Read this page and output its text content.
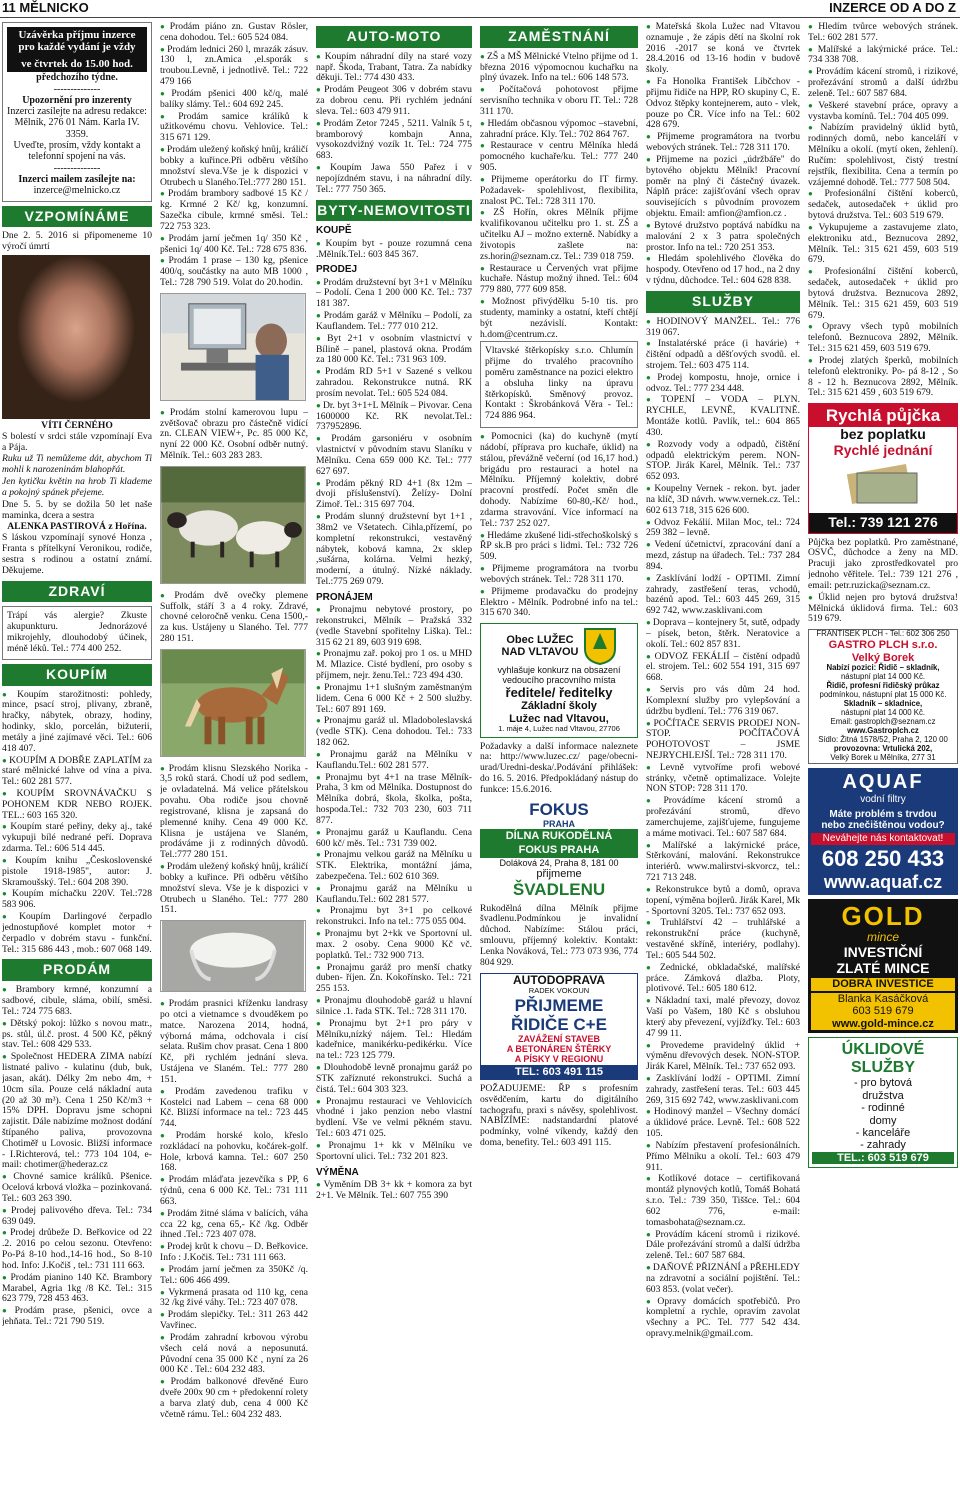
11 MĚLNICKO	INZERCE OD A DO Z
Uzávěrka příjmu inzerce pro každé vydání je vždy
ve čtvrtek do 15.00 hod.
předchozího týdne.
--------------
Upozornění pro inzerenty
Inzerci zasílejte na adresu redakce: Mělník, 276 01 Nám. Karla IV. 3359.
Uveďte, prosím, vždy kontakt a telefonní spojení na vás.
--------------
Inzerci mailem zasílejte na:
inzerce@melnicko.cz
VZPOMÍNÁME
Dne 2. 5. 2016 si připomeneme 10 výročí úmrtí
VÍTI ČERNÉHO
S bolestí v srdci stále vzpomínají Eva a Pája.
Ruku už Ti nemůžeme dát, abychom Ti mohli k narozeninám blahopřát.
Jen kytičku květin na hrob Ti klademe a pokojný spánek přejeme.
Dne 5. 5. by se dožila 50 let naše maminka, dcera a sestra
ALENKA PASTIROVÁ z Hořína.
S láskou vzpomínají synové Honza , Franta s přítelkyní Veronikou, rodiče, sestra s rodinou a ostatní známí. Děkujeme.
ZDRAVÍ
Trápí vás alergie? Zkuste akupunkturu. Jednorázové mikrojehly, dlouhodobý účinek, méně léků. Tel.: 774 400 252.
KOUPÍM
● Koupím starožitnosti: pohledy, mince, psací stroj, plivany, zbraně, hračky, nábytek, obrazy, hodiny, hodinky, sklo, porcelán, bižuterii, metály a jiné zajímavé věci. Tel.: 606 418 407.
● KOUPÍM A DOBŘE ZAPLATÍM za staré mělnické lahve od vína a piva. Tel.: 602 281 577.
● KOUPÍM SROVNÁVAČKU S POHONEM KDR NEBO ROJEK. TEL.: 603 165 320.
● Koupím staré peřiny, deky aj., také vykupuji bílé nedrané peří. Doprava zdarma. Tel.: 606 514 445.
● Koupím knihu „Československé pistole 1918-1985", autor: J. Skramoušský. Tel.: 604 208 390.
● Koupím míchačku 220V. Tel.:728 583 906.
● Koupím Darlingové čerpadlo jednostupňové komplet motor + čerpadlo v dobrém stavu - funkční. Tel.: 315 686 443 , mob.: 607 068 149.
PRODÁM
● Brambory krmné, konzumní a sadbové, cibule, sláma, obilí, směsi. Tel.: 724 775 683.
● Dětský pokoj: lůžko s novou matr., ps. stůl, úl.č. prost. 4 500 Kč, pěkný stav. Tel.: 608 429 533.
● Společnost HEDERA ZIMA nabízí listnaté palivo - kulatinu (dub, buk, jasan, akát). Délky 2m nebo 4m, + 10cm síla. Pouze celá nákladní auta (20 až 30 m³). Cena 1 250 Kč/m3 + 15% DPH. Dopravu jsme schopni zajistit. Dále nabízíme možnost dodání štípaného paliva, provozovna Chotiměř u Lovosic. Bližší informace - I.Richterová, tel.: 773 104 104, e-mail: chotimer@hederaz.cz
● Chovné samice králíků. Pšenice. Ocelová krbová vložka – pozinkovaná. Tel.: 603 263 390.
● Prodej palivového dřeva. Tel.: 734 639 049.
● Prodej drůbeže D. Beřkovice od 22 .2. 2016 po celou sezonu. Otevřeno: Po-Pá 8-10 hod.,14-16 hod., So 8-10 hod. Info: J.Kočiš , tel.: 731 111 663.
● Prodám pianino 140 Kč. Brambory Marabel, Agria 1kg /8 Kč. Tel.: 315 623 779, 728 453 463.
● Prodám prase, pšenici, ovce a jehňata. Tel.: 721 790 519.
● Prodám piáno zn. Gustav Rösler, cena dohodou. Tel.: 605 524 084.
● Prodám lednici 260 l, mrazák zásuv. 130 l, zn.Amica ,el.sporák s troubou.Levně, i jednotlivě. Tel.: 722 479 166
● Prodám pšenici 400 kč/q, malé balíky slámy. Tel.: 604 692 245.
● Prodám samice králíků k užitkovému chovu. Vehlovice. Tel.: 315 671 129.
● Prodám uležený koňský hnůj, králičí bobky a kuřince.Při odběru většího množství sleva.Vše je k dispozici v Otrubech u Slaného.Tel.:777 280 151.
● Prodám brambory sadbové 15 Kč / kg. Krmné 2 Kč/ kg, konzumní. Sazečka cibule, krmné směsi. Tel.: 722 753 323.
● Prodám jarní ječmen 1q/ 350 Kč , pšenici 1q/ 400 Kč. Tel.: 728 675 836.
● Prodám 1 prase – 130 kg, pšenice 400/q, součástky na auto MB 1000 , Tel.: 728 790 519. Volat do 20.hodin.
● Prodám stolní kamerovou lupu – zvětšovač obrazu pro částečně vidící zn. CLEAN VIEW+, Pc. 85 000 Kč, nyní 22 000 Kč. Osobní odběr nutný. Mělník. Tel.: 603 283 283.
● Prodám dvě ovečky plemene Suffolk, stáří 3 a 4 roky. Zdravé, chovné celoročně venku. Cena 1500,- za kus. Ustájeny u Slaného. Tel. 777 280 151.
● Prodám klisnu Slezského Norika - 3,5 roků stará. Chodí už pod sedlem, je ovladatelná. Má velice přátelskou povahu. Oba rodiče jsou chovně registrované, klisna je zapsaná do plemenné knihy. Cena 49 000 Kč. Klisna je ustájena ve Slaném, prodáváme ji z rodinných důvodů. Tel.:777 280 151.
● Prodám uležený koňský hnůj, králičí bobky a kuřince. Při odběru většího množství sleva. Vše je k dispozici v Otrubech u Slaného. Tel.: 777 280 151.
● Prodám prasnici kříženku landrasy po otci a vietnamce s dvouděkem po matce. Narozena 2014, hodná, výborná máma, odchovala i císí selata. Rušim chov prasat. Cena 1 800 Kč, při rychlém jednání sleva. Ustájena ve Slaném. Tel.: 777 280 151.
● Prodám zavedenou trafiku v Kostelci nad Labem – cena 68 000 Kč. Bližší informace na tel.: 723 445 744.
● Prodám horské kolo, křeslo rozkládací na pohovku, kočárek-golf. Hole, krbová kamna. Tel.: 607 250 168.
● Prodám mláďata jezevčíka s PP, 6 týdnů, cena 6 000 Kč. Tel.: 731 111 663.
● Prodám žitné sláma v balících, váha cca 22 kg, cena 65,- Kč /kg. Odběr ihned .Tel.: 723 407 078.
● Prodej krůt k chovu – D. Beřkovice. Info : J.Kočiš. Tel.: 731 111 663.
● Prodám jarní ječmen za 350Kč /q. Tel.: 606 466 499.
● Vykrmená prasata od 110 kg, cena 32 /kg živé váhy. Tel.: 723 407 078.
● Prodám slepičky. Tel.: 311 263 442 Vavřinec.
● Prodám zahradní krbovou výrobu všech celá nová a neposunutá. Původní cena 35 000 Kč , nyní za 26 000 Kč . Tel.: 604 232 483.
● Prodám balkonové dřevěné Euro dveře 200x 90 cm + předokenní rolety a barva zlatý dub, cena 4 000 Kč včetně rámu. Tel.: 604 232 483.
AUTO-MOTO
● Koupím náhradní díly na staré vozy např. Škoda, Trabant, Tatra. Za nabídky děkuji. Tel.: 774 430 433.
● Prodám Peugeot 306 v dobrém stavu za dobrou cenu. Při rychlém jednání sleva. Tel.: 603 479 911.
● Prodám Zetor 7245 , 5211. Valník 5 t, bramborový kombajn Anna, vysokozdvižný vozík 1t. Tel.: 724 775 683.
● Koupím Jawa 550 Pařez i v nepojízdném stavu, i na náhradní díly. Tel.: 777 750 365.
BYTY-NEMOVITOSTI
KOUPĚ
● Koupím byt - pouze rozumná cena .Mělník.Tel.: 603 845 367.
PRODEJ
● Prodám družstevní byt 3+1 v Mělníku – Podolí. Cena 1 200 000 Kč. Tel.: 737 181 387.
● Prodám garáž v Mělníku – Podolí, za Kauflandem. Tel.: 777 010 212.
● Byt 2+1 v osobním vlastnictví v Bílině – panel, plastová okna. Prodám za 180 000 Kč. Tel.: 731 963 109.
● Prodám RD 5+1 v Sazené s velkou zahradou. Rekonstrukce nutná. RK prosím nevolat. Tel.: 605 524 084.
● Dr. byt 3+1+L Mělník – Pivovar. Cena 1600000 Kč. RK nevolat.Tel.: 737952896.
● Prodám garsoniéru v osobním vlastnictví v původním stavu Slaníku v Mělníku. Cena 659 000 Kč. Tel.: 777 627 697.
● Prodám pěkný RD 4+1 (8x 12m –dvoji příslušenství). Želízy- Dolní Zimoř. Tel.: 315 697 704.
● Prodám slunný družstevní byt 1+1 , 38m2 ve Všetatech. Cihla,přízemí, po kompletní rekonstrukci, vestavěný nábytek, kobová kamna, 2x sklep ,sušárna, kolárna. Velmi hezký, moderní, a útulný. Nízké náklady. Tel.:775 269 079.
PRONÁJEM
● Pronajmu nebytové prostory, po rekonstrukci, Mělník – Pražská 332 (vedle Stavební spořitelny Liška). Tel.: 315 62 21 89, 603 919 698.
● Pronajmu zař. pokoj pro 1 os. u MHD M. Mlazice. Cisté bydlení, pro osoby s příjmem, nejr. ženu.Tel.: 723 494 430.
● Pronajmu 1+1 slušným zaměstnaným lidem. Cena 6 000 Kč + 2 500 služby. Tel.: 607 891 169.
● Pronajmu garáž ul. Mladoboleslavská (vedle STK). Cena dohodou. Tel.: 733 182 062.
● Pronajmu garáž na Mělníku v Kauflandu.Tel.: 602 281 577.
● Pronajmu byt 4+1 na trase Mělník-Praha, 3 km od Mělníka. Dostupnost do Mělníka dobrá, škola, školka, pošta, hospoda.Tel.: 732 703 230, 603 711 877.
● Pronajmu garáž u Kauflandu. Cena 600 kč/ měs. Tel.: 731 739 002.
● Pronajmu velkou garáž na Mělníku u STK. Elektrika, montážní jáma, zabezpečena. Tel.: 602 610 369.
● Pronajmu garáž na Mělníku u Kauflandu.Tel.: 602 281 577.
● Pronajmu byt 3+1 po celkové rekonstrukci. Info na tel.: 775 055 004.
● Pronajmu byt 2+kk ve Sportovní ul. max. 2 osoby. Cena 9000 Kč vč. poplatků. Tel.: 732 900 713.
● Pronajmu garáž pro menší chatky duben- říjen. Zn. Kokořínsko. Tel.: 721 255 153.
● Pronajmu dlouhodobě garáž u hlavní silnice .1. řada STK. Tel.: 728 311 170.
● Pronajmu byt 2+1 pro páry v Mělníku,nízký nájem. Tel.: Hledám kadeřnice, manikérku-pedikérku. Více na tel.: 723 125 779.
● Dlouhodobě levně pronajmu garáž po STK zaříznuté rekonstrukci. Suchá a čistá. Tel.: 604 303 323.
● Pronajmu restauraci ve Vehlovicích vhodné i jako penzion nebo vlastní bydlení. Vše ve velmi pěkném stavu. Tel.: 603 471 025.
● Pronajmu 1+ kk v Mělníku ve Sportovní ulici. Tel.: 732 201 823.
VÝMĚNA
● Vyměním DB 3+ kk + komora za byt 2+1. Ve Mělník. Tel.: 607 755 390
ZAMĚSTNÁNÍ
● ZŠ a MŠ Mělnické Vtelno přijme od 1. března 2016 výpomocnou kuchařku na plný úvazek. Info na tel.: 606 148 573.
● Počítačová pohotovost přijme servisního technika v oboru IT. Tel.: 728 311 170.
● Hledám občasnou výpomoc –stavební, zahradní práce. Kly. Tel.: 702 864 767.
● Restaurace v centru Mělníka hledá pomocného kuchaře/ku. Tel.: 777 240 905.
● Přijmeme operátorku do IT firmy. Požadavek- spolehlivost, flexibilita, znalost PC. Tel.: 728 311 170.
● ZŠ Hořín, okres Mělník přijme kvalifikovanou učitelku pro 1. st. ZŠ a učitelku AJ – možno externě. Nabídky a životopis zašlete na: zs.horin@seznam.cz. Tel.: 739 018 759.
● Restaurace u Červených vrat přijme kuchaře. Nástup možný ihned. Tel.: 604 779 880, 777 609 858.
● Možnost přivýdělku 5-10 tis. pro studenty, maminky a ostatní, kteří chtějí být nezávislí. Kontakt: h.dom@centrum.cz.
Vltavské štěrkopísky s.r.o. Chlumín přijme do trvalého pracovního poměru zaměstnance na pozici elektro a obsluha linky na úpravu štěrkopísků. Směnový provoz. Kontakt : Škrobánková Věra - Tel.: 724 886 964.
● Pomocnici (ka) do kuchyně (mytí nádobí, příprava pro kuchaře, úklid) na stálou, převážně večerní (od 16,17 hod.) brigádu pro restauraci a hotel na Mělníku. Příjemný kolektiv, dobré pracovní prostředí. Počet směn dle dohody. Nabízíme 60-80,-Kč/ hod., zdarma stravování. Více informací na Tel.: 737 252 027.
● Hledáme zkušené lidi-střechoškolský s ŘP sk.B pro práci s lidmi. Tel.: 732 726 509.
● Přijmeme programátora na tvorbu webových stránek. Tel.: 728 311 170.
● Přijmeme prodavačku do prodejny Elektro - Mělník. Podrobné info na tel.: 315 670 340.
Obec LUŽEC
NAD VLTAVOU
vyhlašuje konkurz na obsazení
vedoucího pracovního místa
ředitele/ ředitelky
Základní školy
Lužec nad Vltavou,
1. máje 4, Lužec nad Vltavou, 27706
Požadavky a další informace naleznete na: http://www.luzec.cz/ page/obecni-urad/Uredni-deska/.Podávání přihlášek: do 16. 5. 2016. Předpokládaný nástup do funkce: 15.6.2016.
FOKUS
PRAHA
DÍLNA RUKODĚLNÁ
FOKUS PRAHA
Doláková 24, Praha 8, 181 00
přijmeme
ŠVADLENU
Rukodělná dílna Mělník přijme švadlenu.Podmínkou je invalidní důchod. Nabízíme: Stálou práci, smlouvu, příjemný kolektiv. Kontakt: Lenka Nováková, Tel.: 773 073 936, 774 804 929.
AUTODOPRAVA
RADEK VOKOUN
PŘIJMEME
ŘIDIČE C+E
ZAVÁŽENÍ STAVEB
A BETONÁREN ŠTĚRKY
A PÍSKY V REGIONU
TEL: 603 491 115
POŽADUJEME: ŘP s profesním osvědčením, kartu do digitálního tachografu, praxi s návěsy, spolehlivost. NABÍZÍME: nadstandardní platové podmínky, volné víkendy, každý den doma, benefity. Tel.: 603 491 115.
● Mateřská škola Lužec nad Vltavou oznamuje , že zápis dětí na školní rok 2016 -2017 se koná ve čtvrtek 28.4.2016 od 13-16 hodin v budově školy.
● Fa Honolka František Libčchov - přijmu řidiče na HPP, RO skupiny C, E. Odvoz štěpky kontejnerem, auto - vlek, pouze po ČR. Více info na Tel.: 602 428 679.
● Přijmeme programátora na tvorbu webových stránek. Tel.: 728 311 170.
● Přijmeme na pozici „údržbáře" do bytového objektu Mělník! Pracovní poměr na plný či částečný úvazek. Náplň práce: zajišťování všech oprav souvisejících s původním provozem objektu. Email: amfion@amfion.cz .
● Bytové družstvo poptává nabídku na malování 2 x 3 patra společných prostor. Info na tel.: 720 251 353.
● Hledám spolehlivého člověka do hospody. Otevřeno od 17 hod., na 2 dny v týdnu, důchodce. Tel.: 604 628 838.
SLUŽBY
● HODINOVÝ MANŽEL. Tel.: 776 319 067.
● Instalatérské práce (i havárie) + čištění odpadů a děšťových svodů. el. strojem. Tel.: 603 475 114.
● Prodej kompostu, hnoje, ornice i odvoz. Tel.: 777 234 448.
● TOPENÍ – VODA – PLYN. RYCHLE, LEVNĚ, KVALITNĚ. Montáže kotlů. Pavlík, tel.: 604 865 430.
● Rozvody vody a odpadů, čištění odpadů elektrickým perem. NON-STOP. Jirák Karel, Mělník. Tel.: 737 652 093.
● Koupelny Vernek - rekon. byt. jader na klíč, 3D návrh. www.vernek.cz. Tel.: 602 613 718, 315 626 600.
● Odvoz Fekálií. Milan Moc, tel.: 724 259 382 – levně.
● Vedení účetnictví, zpracování daní a mezd, zástup na úřadech. Tel.: 737 284 894.
● Zasklívání lodží - OPTIMI. Zimní zahrady, zastřešení teras, vchodů, bazénů apod. Tel.: 603 445 269, 315 692 742, www.zasklivani.com
● Doprava – kontejnery 5t, sutě, odpady – písek, beton, štěrk. Neratovice a okolí. Tel.: 602 857 831.
● ODVOZ FEKÁLIÍ – čistění odpadů el. strojem. Tel.: 602 554 191, 315 697 668.
● Servis pro vás dům 24 hod. Komplexní služby pro vylepšování a údržbu bydlení. Tel.: 776 319 067.
● POČÍTAČE SERVIS PRODEJ NON-STOP. POČÍTAČOVÁ POHOTOVOST – JSME NEJRYCHLEJŠÍ. Tel.: 728 311 170.
● Levně vytvoříme profi webové stránky, včetně optimalizace. Volejte NON STOP: 728 311 170.
● Provádíme kácení stromů a prořezávání stromů, dřevo zamerchujeme, zajišťujeme, fungujeme a máme motivaci. Tel.: 607 587 684.
● Malířské a lakýrnické práce, Stěrkování, malování. Rekonstrukce interiérů. www.malirstvi-skvorcz, tel.: 721 713 248.
● Rekonstrukce bytů a domů, oprava topení, výměna bojlerů. Jirák Karel, Mk - Sportovní 3205. Tel.: 737 652 093.
● Truhlářství 42 – truhlářské a rekonstrukční práce (kuchyně, vestavěné skříně, interiéry, podlahy). Tel.: 605 544 502.
● Zednické, obkladačské, malířské práce. Zámková dlažba. Ploty, plotivové. Tel.: 605 180 612.
● Nákladní taxi, malé převozy, dovoz Vaší po Vašem, 180 Kč s obsluhou který aby převezení, vyjížďky. Tel.: 603 47 99 11.
● Provedeme pravidelný úklid + výměnu dřevových desek. NON-STOP. Jirák Karel, Mělník. Tel.: 737 652 093.
● Zasklívání lodží - OPTIMI. Zimní zahrady, zastřešení teras. Tel.: 603 445 269, 315 692 742, www.zasklivani.com
● Hodinový manžel – Všechny domácí a úklidové práce. Levně. Tel.: 608 522 105.
● Nabízím přestavení profesionálních. Přímo Mělníku a okolí. Tel.: 603 479 911.
● Kotlíkové dotace – certifikovaná montáž plynových kotlů, Tomáš Bohatá s.r.o. Tel.: 739 350, Tiššce. Tel.: 604 602 776, e-mail: tomasbohata@seznam.cz.
● Provádím kácení stromů i rizikové. Dále prořezávání stromů a další údržba zeleně. Tel.: 607 587 684.
● DAŇOVÉ PŘIZNÁNÍ a PŘEHLEDY na zdravotní a sociální pojištění. Tel.: 603 853. (volat večer).
● Opravy domácích spotřebičů. Pro kompletní a rychle, opravím zavolat všechny a PC. Tel. 777 542 434. opravy.melnik@gmail.com.
● Hledím tvůrce webových stránek. Tel.: 602 281 577.
● Malířské a lakýrnické práce. Tel.: 734 338 708.
● Provádím kácení stromů, i rizikové, prořezávání stromů a další údržbu zeleně. Tel.: 607 587 684.
● Veškeré stavební práce, opravy a vystavba komínů. Tel.: 704 405 099.
● Nabízím pravidelný úklid bytů, rodinných domů, nebo kanceláří v Mělníku a okolí. (mytí oken, žehlení). Ručím: spolehlivost, čistý trestní rejstřík, flexibilita. Cena a termín po vzájemné dohodě. Tel.: 777 508 504.
● Profesionální čištění koberců, sedaček, autosedaček + úklid pro bytová družstva. Tel.: 603 519 679.
● Vykupujeme a zastavujeme zlato, elektroniku atd., Beznucova 2892, Mělník. Tel.: 315 621 459, 603 519 679.
● Profesionální čištění koberců, sedaček, autosedaček + úklid pro bytová družstva. Beznucova 2892, Mělník. Tel.: 315 621 459, 603 519 679.
● Opravy všech typů mobilních telefonů. Beznucova 2892, Mělník. Tel.: 315 621 459, 603 519 679.
● Prodej zlatých šperků, mobilních telefonů elektroniky. Po- pá 8-12 , So 8 - 12 h. Beznucova 2892, Mělník. Tel.: 315 621 459 , 603 519 679.
Rychlá půjčka
bez poplatku
Rychlé jednání
Tel.: 739 121 276
Půjčka bez poplatků. Pro zaměstnané, OSVČ, důchodce a ženy na MD. Pracuji jako zprostředkovatel pro jednoho věřitele. Tel.: 739 121 276 , email: petr.ruzicka@seznam.cz.
● Úklid nejen pro bytová družstva! Mělnická úklidová firma. Tel.: 603 519 679.
FRANTIŠEK PLCH - Tel.: 602 306 250
GASTRO PLCH s.r.o.
Velký Borek
Nabízí pozici: Řidič – skladník,
nástupní plat 14 000 Kč.
Řidič, profesní řidičský průkaz
podmínkou, nástupní plat 15 000 Kč.
Skladník – skladnice,
nástupní plat 14 000 Kč.
Email: gastroplch@seznam.cz
www.Gastroplch.cz
Sídlo: Žitná 1578/52, Praha 2, 120 00
provozovna: Vrtulická 202,
Velký Borek u Mělníka, 277 31
AQUAF
vodní filtry
Máte problém s trvdou
nebo znečištěnou vodou?
Neváhejte nás kontaktovat!
608 250 433
www.aquaf.cz
GOLD
mince
INVESTIČNÍ
ZLATÉ MINCE
DOBRÁ INVESTICE
Blanka Kasáčková
603 519 679
www.gold-mince.cz
ÚKLIDOVÉ
SLUŽBY
- pro bytová
družstva
- rodinné
domy
- kanceláře
- zahrady
TEL.: 603 519 679
